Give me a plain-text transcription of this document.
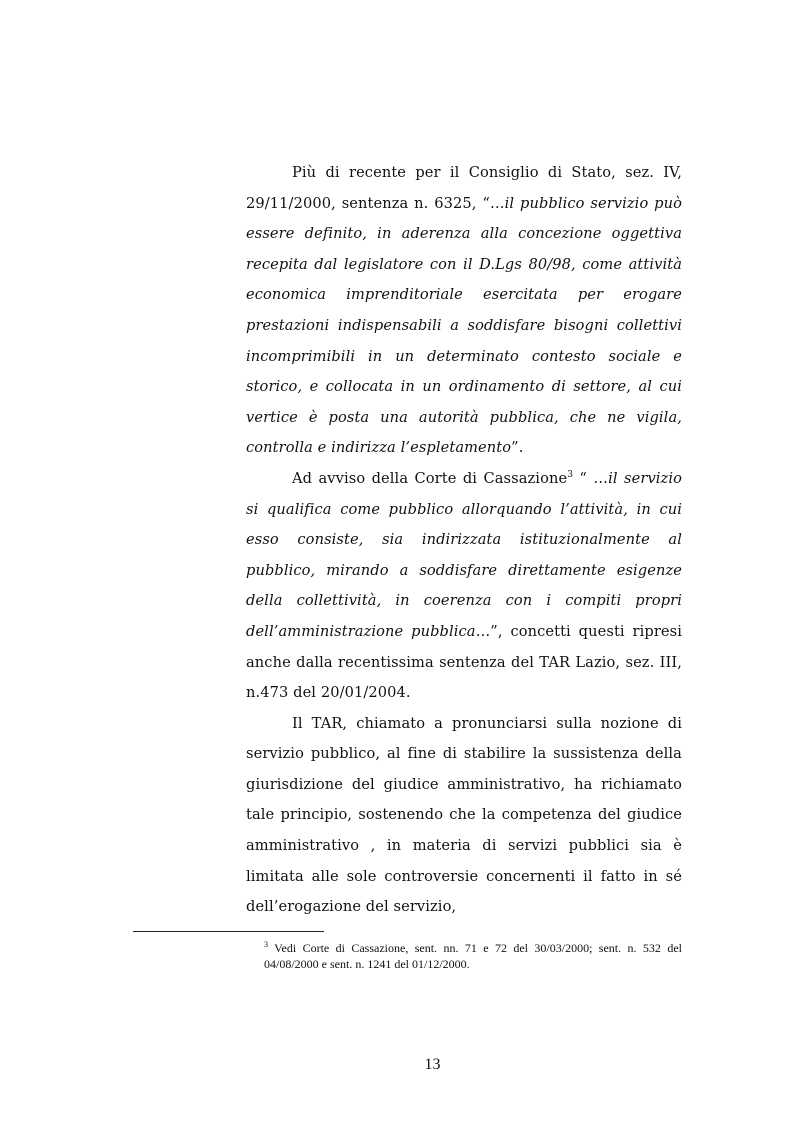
Più di recente per il Consiglio di Stato, sez. IV, 29/11/2000, sentenza n. 6325, “…il pubblico servizio può essere definito, in aderenza alla concezione oggettiva recepita dal legislatore con il D.Lgs 80/98, come attività economica imprenditoriale esercitata per erogare prestazioni indispensabili a soddisfare bisogni collettivi incomprimibili in un determinato contesto sociale e storico, e collocata in un ordinamento di settore, al cui vertice è posta una autorità pubblica, che ne vigila, controlla e indirizza l’espletamento”.

Ad avviso della Corte di Cassazione$^3$ “ …il servizio si qualifica come pubblico allorquando l’attività, in cui esso consiste, sia indirizzata istituzionalmente al pubblico, mirando a soddisfare direttamente esigenze della collettività, in coerenza con i compiti propri dell’amministrazione pubblica…”, concetti questi ripresi anche dalla recentissima sentenza del TAR Lazio, sez. III, n.473 del 20/01/2004.

Il TAR, chiamato a pronunciarsi sulla nozione di servizio pubblico, al fine di stabilire la sussistenza della giurisdizione del giudice amministrativo, ha richiamato tale principio, sostenendo che la competenza del giudice amministrativo , in materia di servizi pubblici sia è limitata alle sole controversie concernenti il fatto in sé dell’erogazione del servizio,

$^3$ Vedi Corte di Cassazione, sent. nn. 71 e 72 del 30/03/2000; sent. n. 532 del 04/08/2000 e sent. n. 1241 del 01/12/2000.
13
